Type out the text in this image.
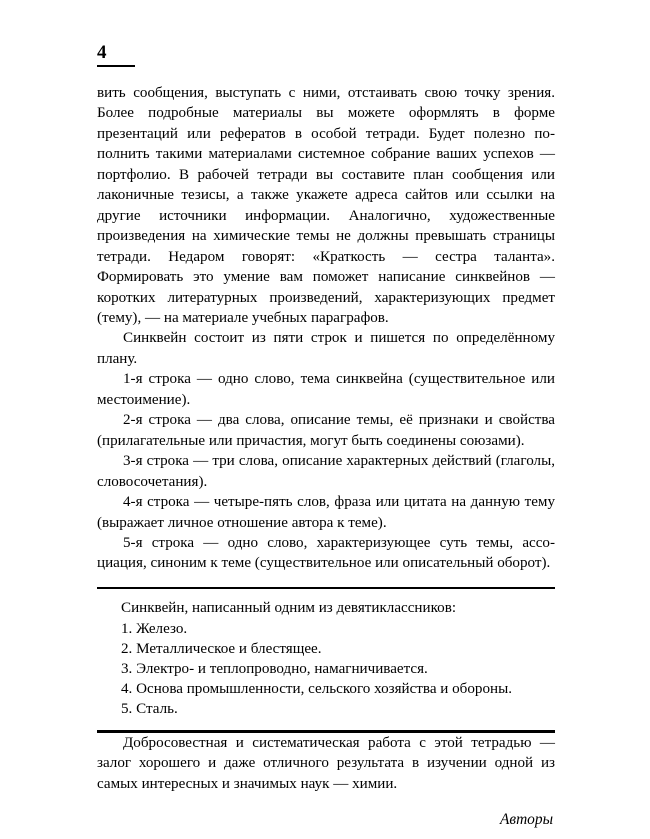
4

вить сообщения, выступать с ними, отстаивать свою точку зрения. Более подробные материалы вы можете оформлять в форме презентаций или рефератов в особой тетради. Будет полезно пополнить такими материалами системное собрание ваших успехов — портфолио. В рабочей тетради вы составите план сообщения или лаконичные тезисы, а также укажете адреса сайтов или ссылки на другие источники информации. Аналогично, художественные произведения на химические темы не должны превышать страницы тетради. Недаром говорят: «Краткость — сестра таланта». Формировать это умение вам поможет написание синквейнов — коротких литературных произведений, характеризующих предмет (тему), — на материале учебных параграфов.

Синквейн состоит из пяти строк и пишется по определённому плану.

1-я строка — одно слово, тема синквейна (существительное или местоимение).

2-я строка — два слова, описание темы, её признаки и свойства (прилагательные или причастия, могут быть соединены союзами).

3-я строка — три слова, описание характерных действий (глаголы, словосочетания).

4-я строка — четыре-пять слов, фраза или цитата на данную тему (выражает личное отношение автора к теме).

5-я строка — одно слово, характеризующее суть темы, ассоциация, синоним к теме (существительное или описательный оборот).

Синквейн, написанный одним из девятиклассников:

1. Железо.
2. Металлическое и блестящее.
3. Электро- и теплопроводно, намагничивается.
4. Основа промышленности, сельского хозяйства и обороны.
5. Сталь.

Добросовестная и систематическая работа с этой тетрадью — залог хорошего и даже отличного результата в изучении одной из самых интересных и значимых наук — химии.

Авторы
